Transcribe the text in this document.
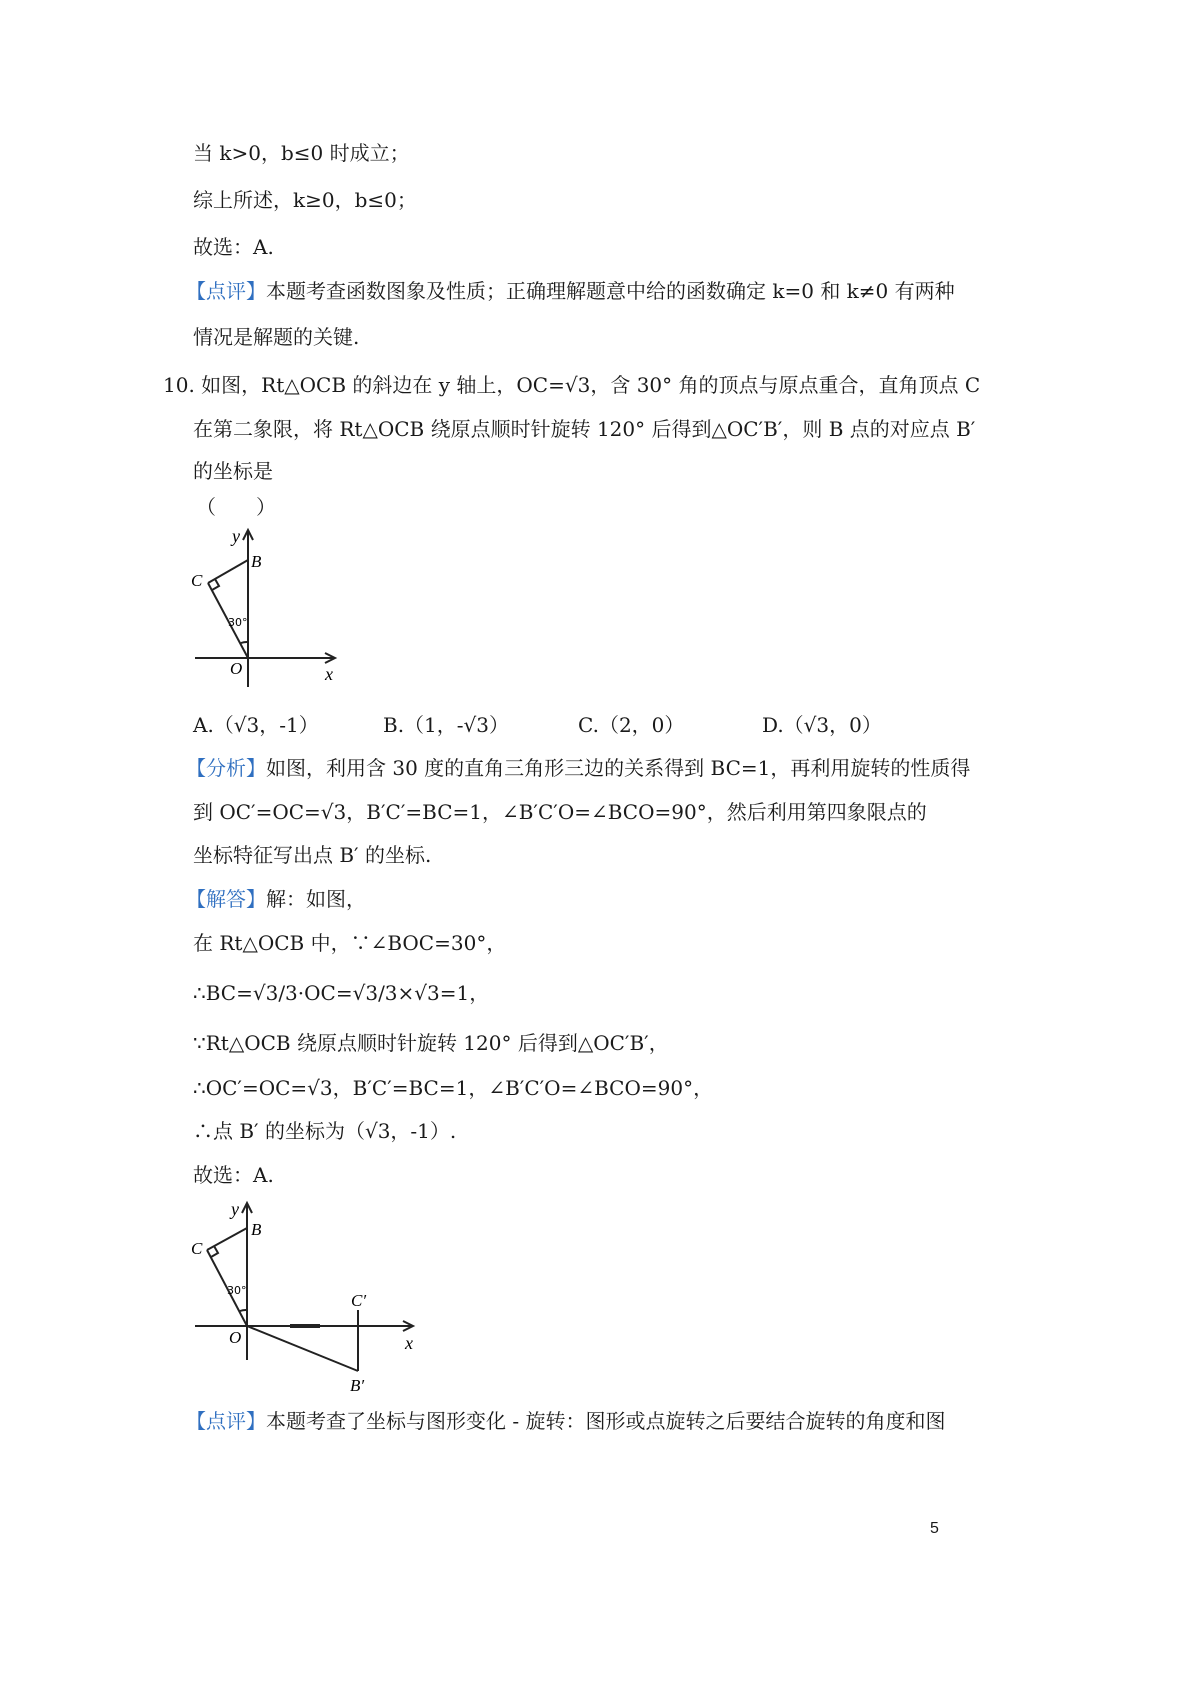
当 k>0，b≤0 时成立；
综上所述，k≥0，b≤0；
故选：A.
【点评】本题考查函数图象及性质；正确理解题意中给的函数确定 k=0 和 k≠0 有两种
情况是解题的关键.
10. 如图，Rt△OCB 的斜边在 y 轴上，OC=√3，含 30° 角的顶点与原点重合，直角顶点 C
在第二象限，将 Rt△OCB 绕原点顺时针旋转 120° 后得到△OC′B′，则 B 点的对应点 B′
的坐标是
（　　）
y
x
B
C
O
30°
A.（√3，-1）	B.（1，-√3）	C.（2，0）	D.（√3，0）
【分析】如图，利用含 30 度的直角三角形三边的关系得到 BC=1，再利用旋转的性质得
到 OC′=OC=√3，B′C′=BC=1，∠B′C′O=∠BCO=90°，然后利用第四象限点的
坐标特征写出点 B′ 的坐标.
【解答】解：如图，
在 Rt△OCB 中，∵∠BOC=30°，
∴BC=√3/3·OC=√3/3×√3=1，
∵Rt△OCB 绕原点顺时针旋转 120° 后得到△OC′B′，
∴OC′=OC=√3，B′C′=BC=1，∠B′C′O=∠BCO=90°，
∴点 B′ 的坐标为（√3，-1）.
故选：A.
y
x
B
C
O
30°
C′
B′
【点评】本题考查了坐标与图形变化 - 旋转：图形或点旋转之后要结合旋转的角度和图
5
